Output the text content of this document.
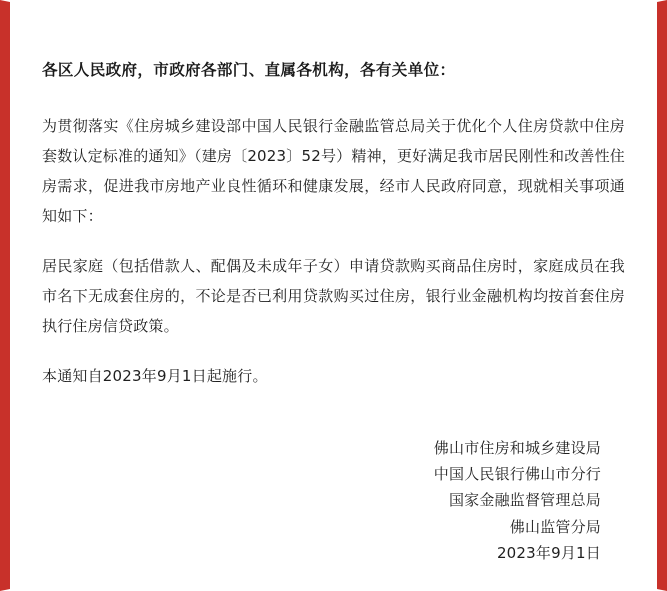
各区人民政府，市政府各部门、直属各机构，各有关单位：

为贯彻落实《住房城乡建设部中国人民银行金融监管总局关于优化个人住房贷款中住房套数认定标准的通知》（建房〔2023〕52号）精神，更好满足我市居民刚性和改善性住房需求，促进我市房地产业良性循环和健康发展，经市人民政府同意，现就相关事项通知如下：

居民家庭（包括借款人、配偶及未成年子女）申请贷款购买商品住房时，家庭成员在我市名下无成套住房的，不论是否已利用贷款购买过住房，银行业金融机构均按首套住房执行住房信贷政策。

本通知自2023年9月1日起施行。

佛山市住房和城乡建设局
中国人民银行佛山市分行
国家金融监督管理总局
佛山监管分局
2023年9月1日
